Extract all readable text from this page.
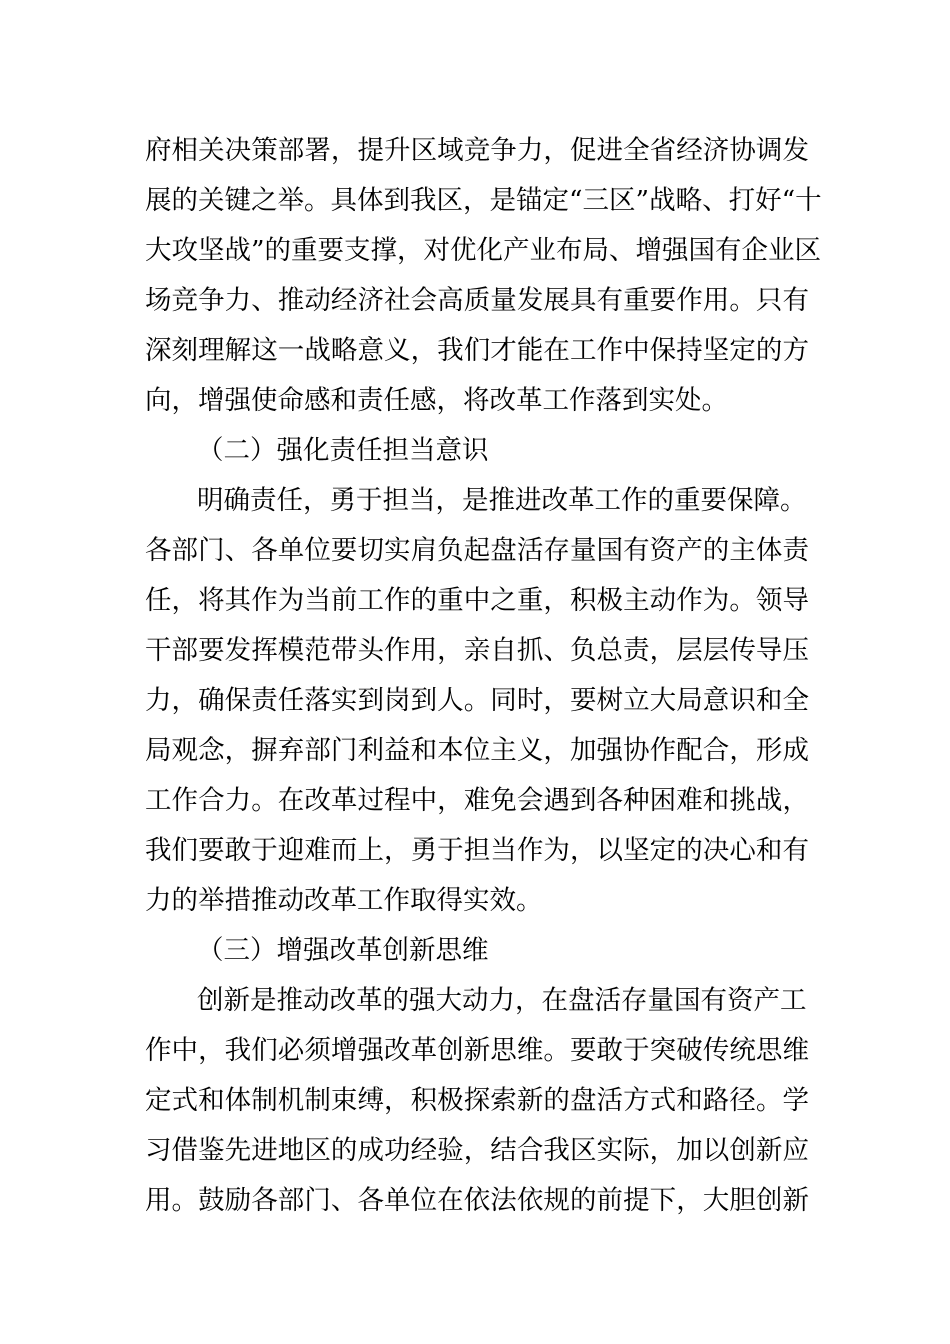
府相关决策部署，提升区域竞争力，促进全省经济协调发
展的关键之举。具体到我区，是锚定“三区”战略、打好“十
大攻坚战”的重要支撑，对优化产业布局、增强国有企业区
场竞争力、推动经济社会高质量发展具有重要作用。只有
深刻理解这一战略意义，我们才能在工作中保持坚定的方
向，增强使命感和责任感，将改革工作落到实处。
（二）强化责任担当意识
明确责任，勇于担当，是推进改革工作的重要保障。
各部门、各单位要切实肩负起盘活存量国有资产的主体责
任，将其作为当前工作的重中之重，积极主动作为。领导
干部要发挥模范带头作用，亲自抓、负总责，层层传导压
力，确保责任落实到岗到人。同时，要树立大局意识和全
局观念，摒弃部门利益和本位主义，加强协作配合，形成
工作合力。在改革过程中，难免会遇到各种困难和挑战，
我们要敢于迎难而上，勇于担当作为，以坚定的决心和有
力的举措推动改革工作取得实效。
（三）增强改革创新思维
创新是推动改革的强大动力，在盘活存量国有资产工
作中，我们必须增强改革创新思维。要敢于突破传统思维
定式和体制机制束缚，积极探索新的盘活方式和路径。学
习借鉴先进地区的成功经验，结合我区实际，加以创新应
用。鼓励各部门、各单位在依法依规的前提下，大胆创新
